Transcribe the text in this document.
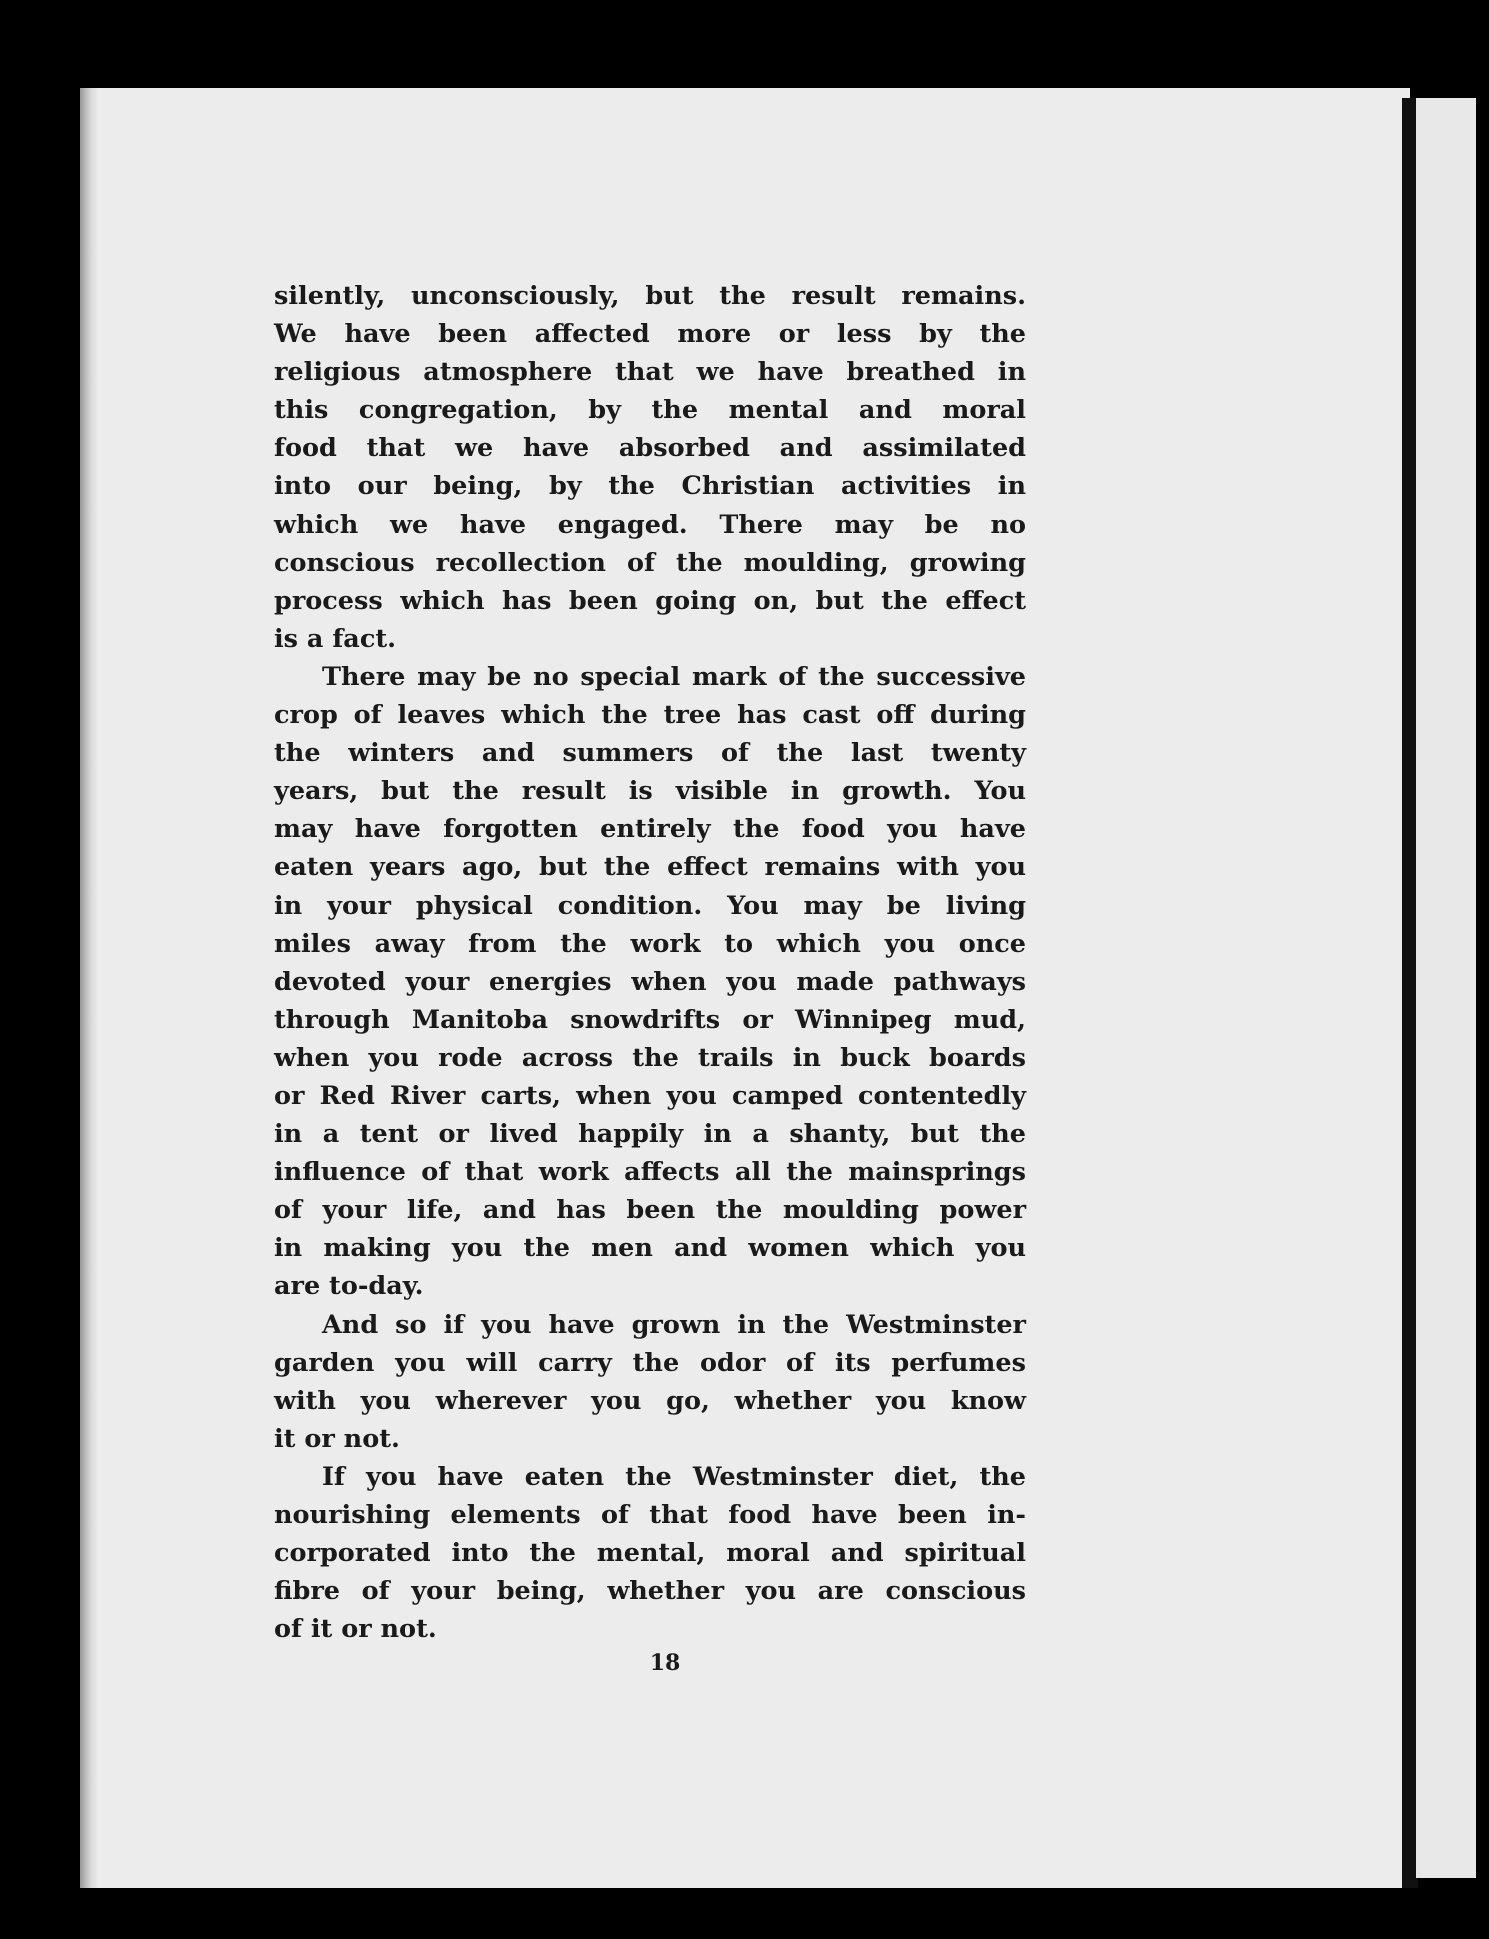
silently, unconsciously, but the result remains.
We have been affected more or less by the
religious atmosphere that we have breathed in
this congregation, by the mental and moral
food that we have absorbed and assimilated
into our being, by the Christian activities in
which we have engaged. There may be no
conscious recollection of the moulding, growing
process which has been going on, but the effect
is a fact.
There may be no special mark of the successive
crop of leaves which the tree has cast off during
the winters and summers of the last twenty
years, but the result is visible in growth. You
may have forgotten entirely the food you have
eaten years ago, but the effect remains with you
in your physical condition. You may be living
miles away from the work to which you once
devoted your energies when you made pathways
through Manitoba snowdrifts or Winnipeg mud,
when you rode across the trails in buck boards
or Red River carts, when you camped contentedly
in a tent or lived happily in a shanty, but the
influence of that work affects all the mainsprings
of your life, and has been the moulding power
in making you the men and women which you
are to-day.
And so if you have grown in the Westminster
garden you will carry the odor of its perfumes
with you wherever you go, whether you know
it or not.
If you have eaten the Westminster diet, the
nourishing elements of that food have been in-
corporated into the mental, moral and spiritual
fibre of your being, whether you are conscious
of it or not.
18
